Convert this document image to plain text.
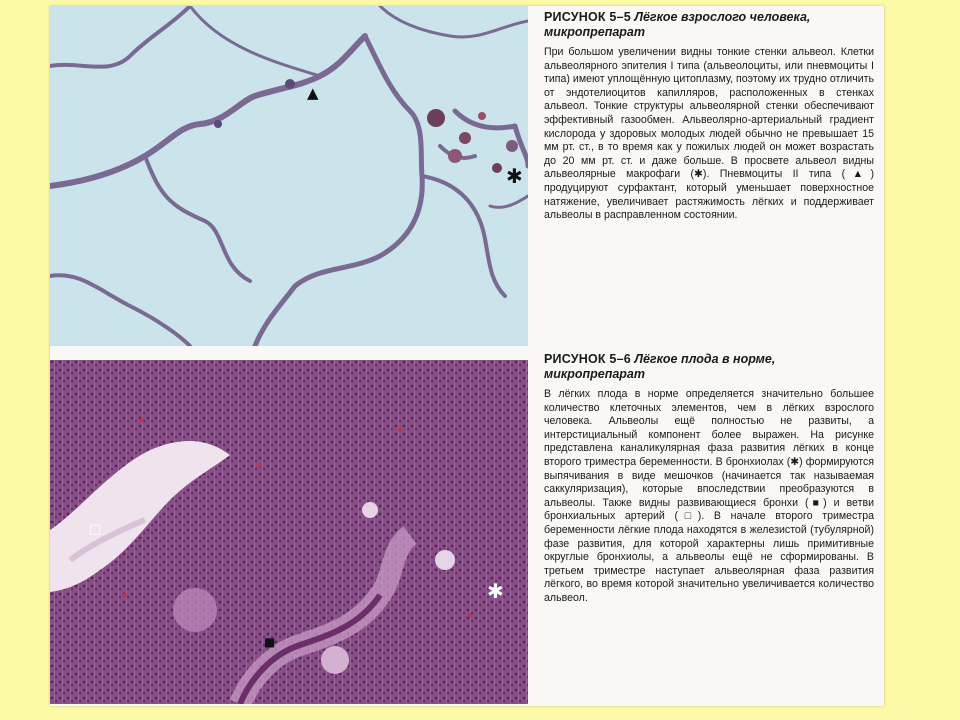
▲
✱

РИСУНОК 5–5 Лёгкое взрослого человека,
микропрепарат

При большом увеличении видны тонкие стенки альвеол. Клетки альвеолярного эпителия I типа (альвеолоциты, или пневмоциты I типа) имеют уплощённую цитоплазму, поэтому их трудно отличить от эндотелиоцитов капилляров, расположенных в стенках альвеол. Тонкие структуры альвеолярной стенки обеспечивают эффективный газообмен. Альвеолярно-артериальный градиент кислорода у здоровых молодых людей обычно не превышает 15 мм рт. ст., в то время как у пожилых людей он может возрастать до 20 мм рт. ст. и даже больше. В просвете альвеол видны альвеолярные макрофаги (✱). Пневмоциты II типа (▲) продуцируют сурфактант, который уменьшает поверхностное натяжение, увеличивает растяжимость лёгких и поддерживает альвеолы в расправленном состоянии.

□
■
✱

РИСУНОК 5–6 Лёгкое плода в норме,
микропрепарат

В лёгких плода в норме определяется значительно большее количество клеточных элементов, чем в лёгких взрослого человека. Альвеолы ещё полностью не развиты, а интерстициальный компонент более выражен. На рисунке представлена каналикулярная фаза развития лёгких в конце второго триместра беременности. В бронхиолах (✱) формируются выпячивания в виде мешочков (начинается так называемая саккуляризация), которые впоследствии преобразуются в альвеолы. Также видны развивающиеся бронхи (■) и ветви бронхиальных артерий (□). В начале второго триместра беременности лёгкие плода находятся в железистой (тубулярной) фазе развития, для которой характерны лишь примитивные округлые бронхиолы, а альвеолы ещё не сформированы. В третьем триместре наступает альвеолярная фаза развития лёгкого, во время которой значительно увеличивается количество альвеол.
